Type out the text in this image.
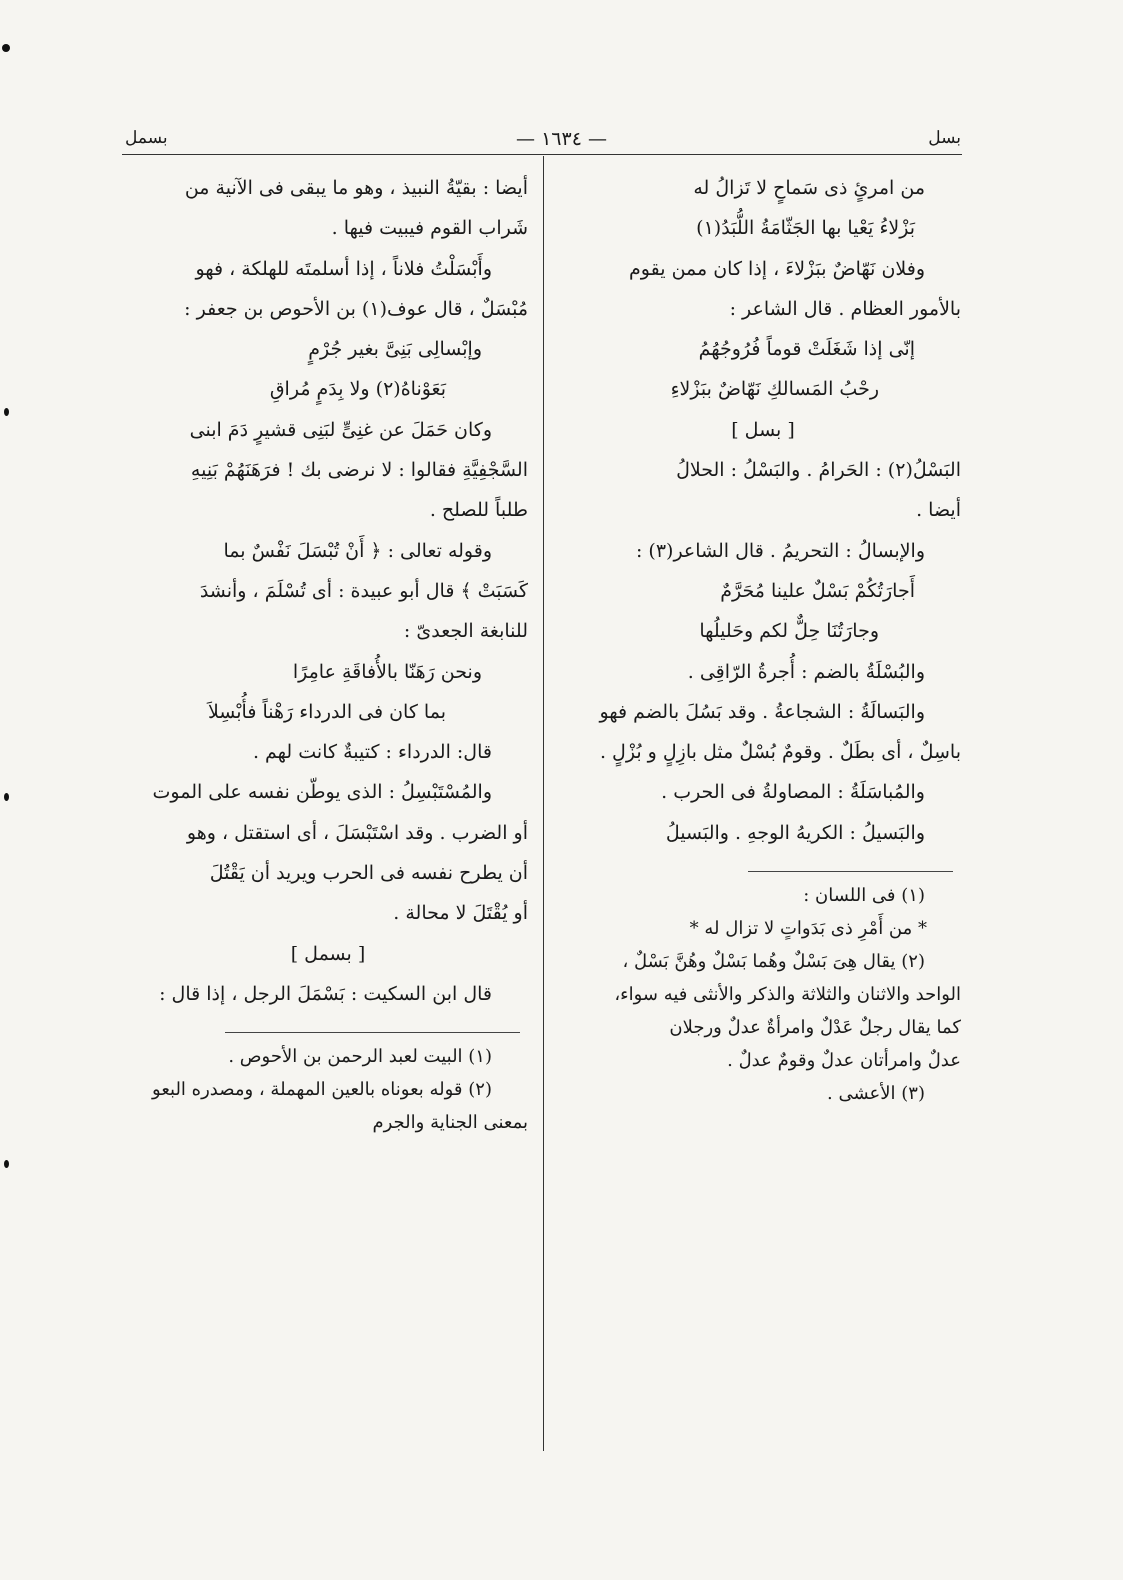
بسل
— ١٦٣٤ —
بسمل
من امرئٍ ذى سَماحٍ لا تَزالُ له
بَزْلاءُ يَعْيا بها الجَثّامَةُ اللُّبَدُ(١)
وفلان نَهّاضٌ ببَزْلاءَ ، إذا كان ممن يقوم
بالأمور العظام . قال الشاعر :
إنّى إذا شَغَلَتْ قوماً فُرُوجُهُمُ
رحْبُ المَسالكِ نَهّاضٌ ببَزْلاءِ
[ بسل ]
البَسْلُ(٢) : الحَرامُ . والبَسْلُ : الحلالُ
أيضا .
والإبسالُ : التحريمُ . قال الشاعر(٣) :
أَجارَتُكُمْ بَسْلٌ علينا مُحَرَّمٌ
وجارَتُنَا حِلٌّ لكم وحَليلُها
والبُسْلَةُ بالضم : أُجرةُ الرّاقِى .
والبَسالَةُ : الشجاعةُ . وقد بَسُلَ بالضم فهو
باسِلٌ ، أى بطَلٌ . وقومٌ بُسْلٌ مثل بازِلٍ و بُزْلٍ .
والمُباسَلَةُ : المصاولةُ فى الحرب .
والبَسيلُ : الكريهُ الوجهِ . والبَسيلُ
(١) فى اللسان :
* من أَمْرِ ذى بَدَواتٍ لا تزال له *
(٢) يقال هِىَ بَسْلٌ وهُما بَسْلٌ وهُنَّ بَسْلٌ ،
الواحد والاثنان والثلاثة والذكر والأنثى فيه سواء،
كما يقال رجلٌ عَدْلٌ وامرأةٌ عدلٌ ورجلان
عدلٌ وامرأتان عدلٌ وقومٌ عدلٌ .
(٣) الأعشى .
أيضا : بقيّةُ النبيذ ، وهو ما يبقى فى الآنية من
شَراب القوم فيبيت فيها .
وأَبْسَلْتُ فلاناً ، إذا أسلمتَه للهلكة ، فهو
مُبْسَلٌ ، قال عوف(١) بن الأحوص بن جعفر :
وإبْسالِى بَنِىَّ بغير جُرْمٍ
بَعَوْناهُ(٢) ولا بِدَمٍ مُراقِ
وكان حَمَلَ عن غنِىٍّ لبَنِى قشيرٍ دَمَ ابنى
السَّجْفِيَّةِ فقالوا : لا نرضى بك ! فرَهَنَهُمْ بَنِيهِ
طلباً للصلح .
وقوله تعالى : ﴿ أَنْ تُبْسَلَ نَفْسٌ بما
كَسَبَتْ ﴾ قال أبو عبيدة : أى تُسْلَمَ ، وأنشدَ
للنابغة الجعدىّ :
ونحن رَهَنّا بالأُفاقَةِ عامِرًا
بما كان فى الدرداء رَهْناً فأُبْسِلاَ
قال: الدرداء : كتيبةٌ كانت لهم .
والمُسْتَبْسِلُ : الذى يوطّن نفسه على الموت
أو الضرب . وقد اسْتَبْسَلَ ، أى استقتل ، وهو
أن يطرح نفسه فى الحرب ويريد أن يَقْتُلَ
أو يُقْتَلَ لا محالة .
[ بسمل ]
قال ابن السكيت : بَسْمَلَ الرجل ، إذا قال :
(١) البيت لعبد الرحمن بن الأحوص .
(٢) قوله بعوناه بالعين المهملة ، ومصدره البعو
بمعنى الجناية والجرم
